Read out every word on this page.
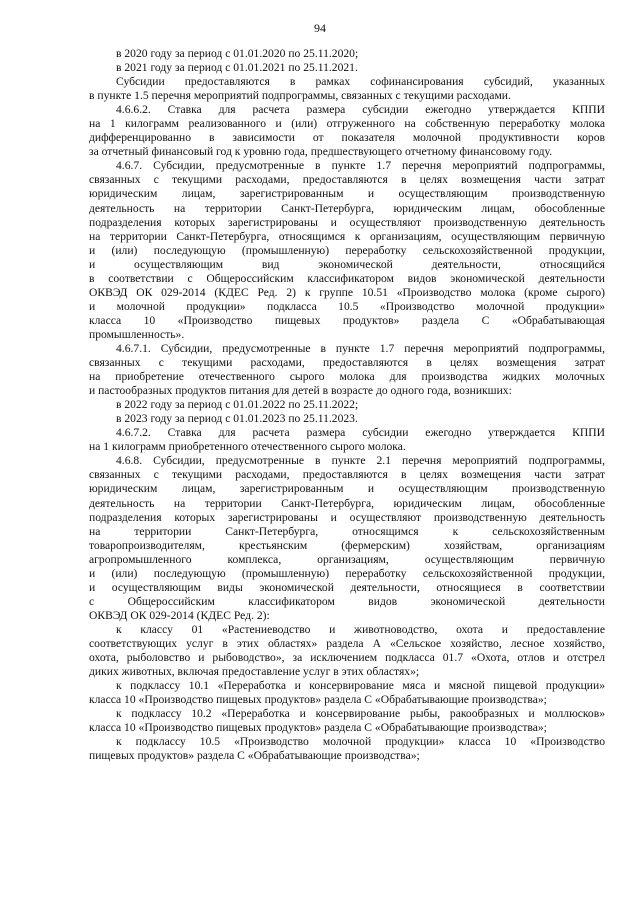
94
в 2020 году за период с 01.01.2020 по 25.11.2020;
в 2021 году за период с 01.01.2021 по 25.11.2021.
Субсидии предоставляются в рамках софинансирования субсидий, указанных
в пункте 1.5 перечня мероприятий подпрограммы, связанных с текущими расходами.
4.6.6.2. Ставка для расчета размера субсидии ежегодно утверждается КППИ
на 1 килограмм реализованного и (или) отгруженного на собственную переработку молока
дифференцированно в зависимости от показателя молочной продуктивности коров
за отчетный финансовый год к уровню года, предшествующего отчетному финансовому году.
4.6.7. Субсидии, предусмотренные в пункте 1.7 перечня мероприятий подпрограммы,
связанных с текущими расходами, предоставляются в целях возмещения части затрат
юридическим лицам, зарегистрированным и осуществляющим производственную
деятельность на территории Санкт-Петербурга, юридическим лицам, обособленные
подразделения которых зарегистрированы и осуществляют производственную деятельность
на территории Санкт-Петербурга, относящимся к организациям, осуществляющим первичную
и (или) последующую (промышленную) переработку сельскохозяйственной продукции,
и осуществляющим вид экономической деятельности, относящийся
в соответствии с Общероссийским классификатором видов экономической деятельности
ОКВЭД ОК 029-2014 (КДЕС Ред. 2) к группе 10.51 «Производство молока (кроме сырого)
и молочной продукции» подкласса 10.5 «Производство молочной продукции»
класса 10 «Производство пищевых продуктов» раздела С «Обрабатывающая
промышленность».
4.6.7.1. Субсидии, предусмотренные в пункте 1.7 перечня мероприятий подпрограммы,
связанных с текущими расходами, предоставляются в целях возмещения затрат
на приобретение отечественного сырого молока для производства жидких молочных
и пастообразных продуктов питания для детей в возрасте до одного года, возникших:
в 2022 году за период с 01.01.2022 по 25.11.2022;
в 2023 году за период с 01.01.2023 по 25.11.2023.
4.6.7.2. Ставка для расчета размера субсидии ежегодно утверждается КППИ
на 1 килограмм приобретенного отечественного сырого молока.
4.6.8. Субсидии, предусмотренные в пункте 2.1 перечня мероприятий подпрограммы,
связанных с текущими расходами, предоставляются в целях возмещения части затрат
юридическим лицам, зарегистрированным и осуществляющим производственную
деятельность на территории Санкт-Петербурга, юридическим лицам, обособленные
подразделения которых зарегистрированы и осуществляют производственную деятельность
на территории Санкт-Петербурга, относящимся к сельскохозяйственным
товаропроизводителям, крестьянским (фермерским) хозяйствам, организациям
агропромышленного комплекса, организациям, осуществляющим первичную
и (или) последующую (промышленную) переработку сельскохозяйственной продукции,
и осуществляющим виды экономической деятельности, относящиеся в соответствии
с Общероссийским классификатором видов экономической деятельности
ОКВЭД ОК 029-2014 (КДЕС Ред. 2):
к классу 01 «Растениеводство и животноводство, охота и предоставление
соответствующих услуг в этих областях» раздела А «Сельское хозяйство, лесное хозяйство,
охота, рыболовство и рыбоводство», за исключением подкласса 01.7 «Охота, отлов и отстрел
диких животных, включая предоставление услуг в этих областях»;
к подклассу 10.1 «Переработка и консервирование мяса и мясной пищевой продукции»
класса 10 «Производство пищевых продуктов» раздела С «Обрабатывающие производства»;
к подклассу 10.2 «Переработка и консервирование рыбы, ракообразных и моллюсков»
класса 10 «Производство пищевых продуктов» раздела С «Обрабатывающие производства»;
к подклассу 10.5 «Производство молочной продукции» класса 10 «Производство
пищевых продуктов» раздела С «Обрабатывающие производства»;
